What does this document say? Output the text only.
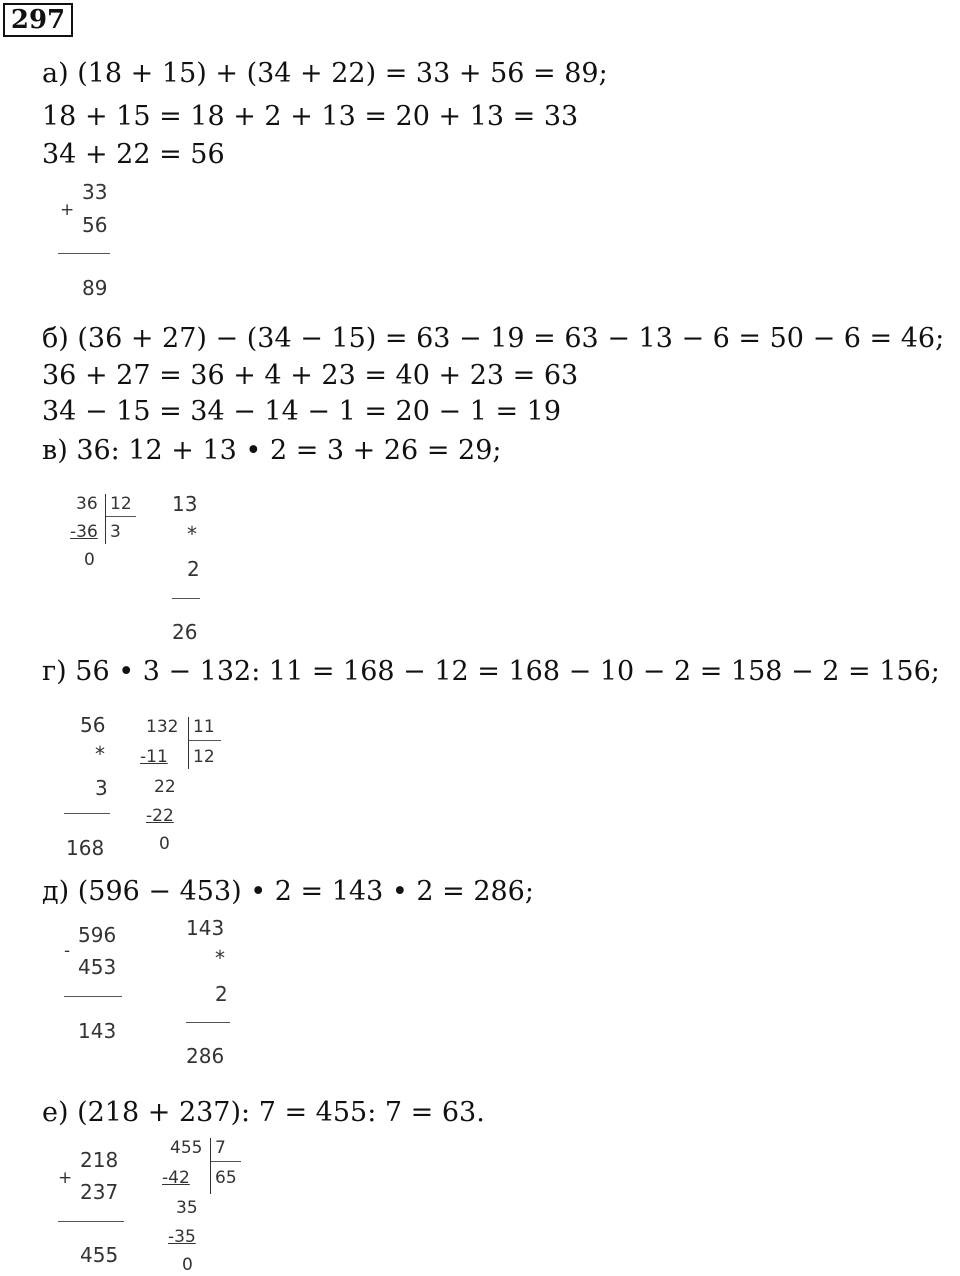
297
а) (18 + 15) + (34 + 22) = 33 + 56 = 89;
18 + 15 = 18 + 2 + 13 = 20 + 13 = 33
34 + 22 = 56
+
33
56
89
б) (36 + 27) − (34 − 15) = 63 − 19 = 63 − 13 − 6 = 50 − 6 = 46;
36 + 27 = 36 + 4 + 23 = 40 + 23 = 63
34 − 15 = 34 − 14 − 1 = 20 − 1 = 19
в) 36: 12 + 13 • 2 = 3 + 26 = 29;
36 12
-36 3
0
13
*
2
26
г) 56 • 3 − 132: 11 = 168 − 12 = 168 − 10 − 2 = 158 − 2 = 156;
56
*
3
168
132 11
-11 12
22
-22
0
д) (596 − 453) • 2 = 143 • 2 = 286;
-
596
453
143
143
*
2
286
е) (218 + 237): 7 = 455: 7 = 63.
+
218
237
455
455 7
-42 65
35
-35
0
